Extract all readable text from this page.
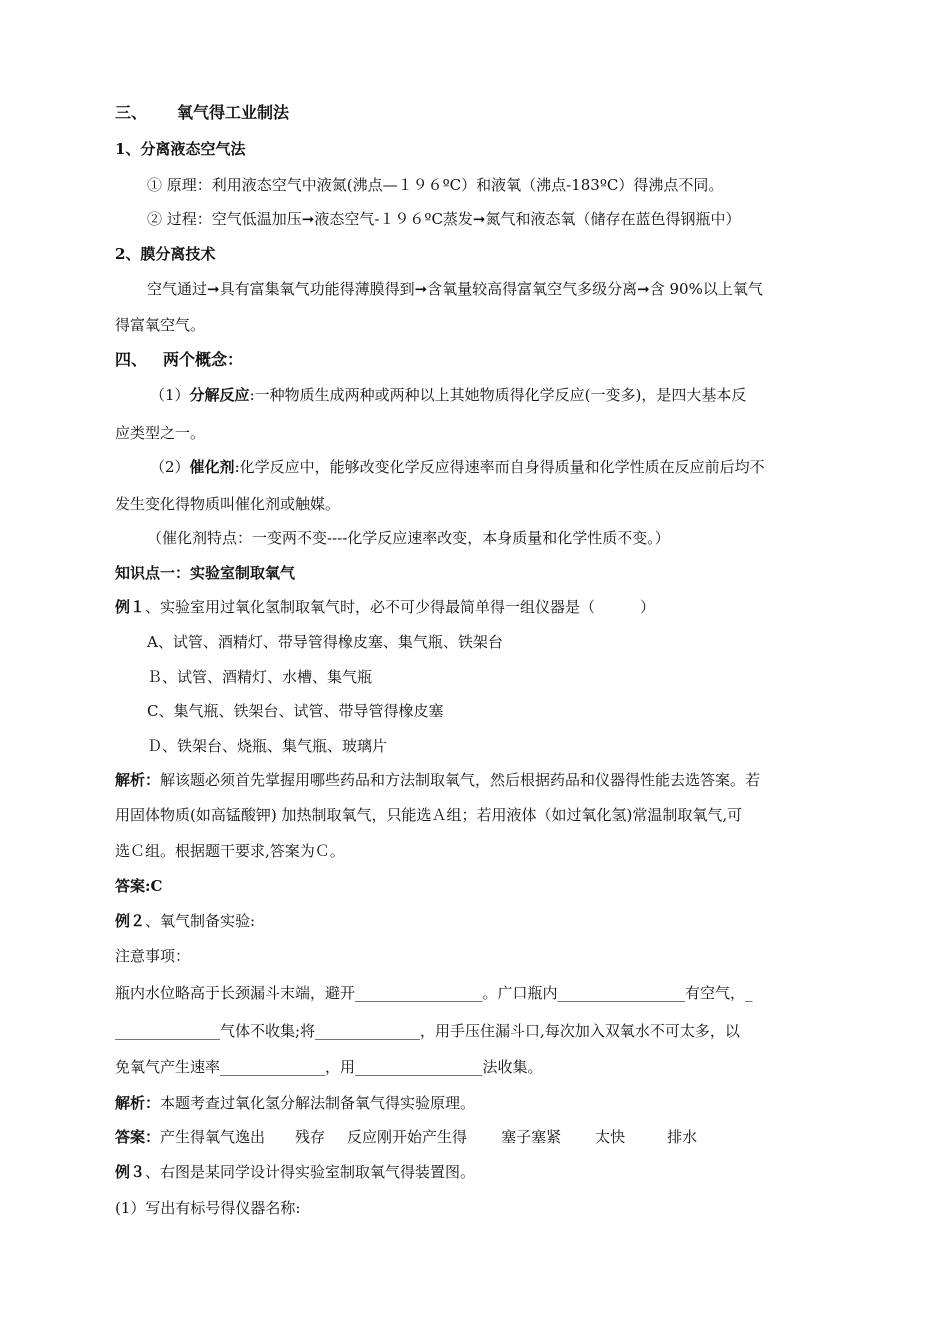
三、 氧气得工业制法
1、分离液态空气法
① 原理：利用液态空气中液氮(沸点—１９６ºC）和液氧（沸点-183ºC）得沸点不同。
② 过程：空气低温加压➞液态空气-１９６ºC蒸发➞氮气和液态氧（储存在蓝色得钢瓶中）
2、膜分离技术
空气通过➞具有富集氧气功能得薄膜得到➞含氧量较高得富氧空气多级分离➞含 90%以上氧气
得富氧空气。
四、 两个概念：
（1）分解反应:一种物质生成两种或两种以上其她物质得化学反应(一变多)，是四大基本反
应类型之一。
（2）催化剂:化学反应中，能够改变化学反应得速率而自身得质量和化学性质在反应前后均不
发生变化得物质叫催化剂或触媒。
（催化剂特点：一变两不变----化学反应速率改变，本身质量和化学性质不变。）
知识点一：实验室制取氧气
例１、实验室用过氧化氢制取氧气时，必不可少得最简单得一组仪器是（　　　）
A、试管、酒精灯、带导管得橡皮塞、集气瓶、铁架台
Ｂ、试管、酒精灯、水槽、集气瓶
C、集气瓶、铁架台、试管、带导管得橡皮塞
Ｄ、铁架台、烧瓶、集气瓶、玻璃片
解析：解该题必须首先掌握用哪些药品和方法制取氧气，然后根据药品和仪器得性能去选答案。若
用固体物质(如高锰酸钾) 加热制取氧气，只能选Ａ组；若用液体（如过氧化氢)常温制取氧气,可
选Ｃ组。根据题干要求,答案为Ｃ。
答案:C
例２、氧气制备实验:
注意事项：
瓶内水位略高于长颈漏斗末端，避开_________________。广口瓶内_________________有空气，_
______________气体不收集;将______________，用手压住漏斗口,每次加入双氧水不可太多，以
免氧气产生速率______________，用_________________法收集。
解析：本题考查过氧化氢分解法制备氧气得实验原理。
答案：产生得氧气逸出 残存 反应刚开始产生得 塞子塞紧 太快	排水
例３、右图是某同学设计得实验室制取氧气得装置图。
(1）写出有标号得仪器名称:
